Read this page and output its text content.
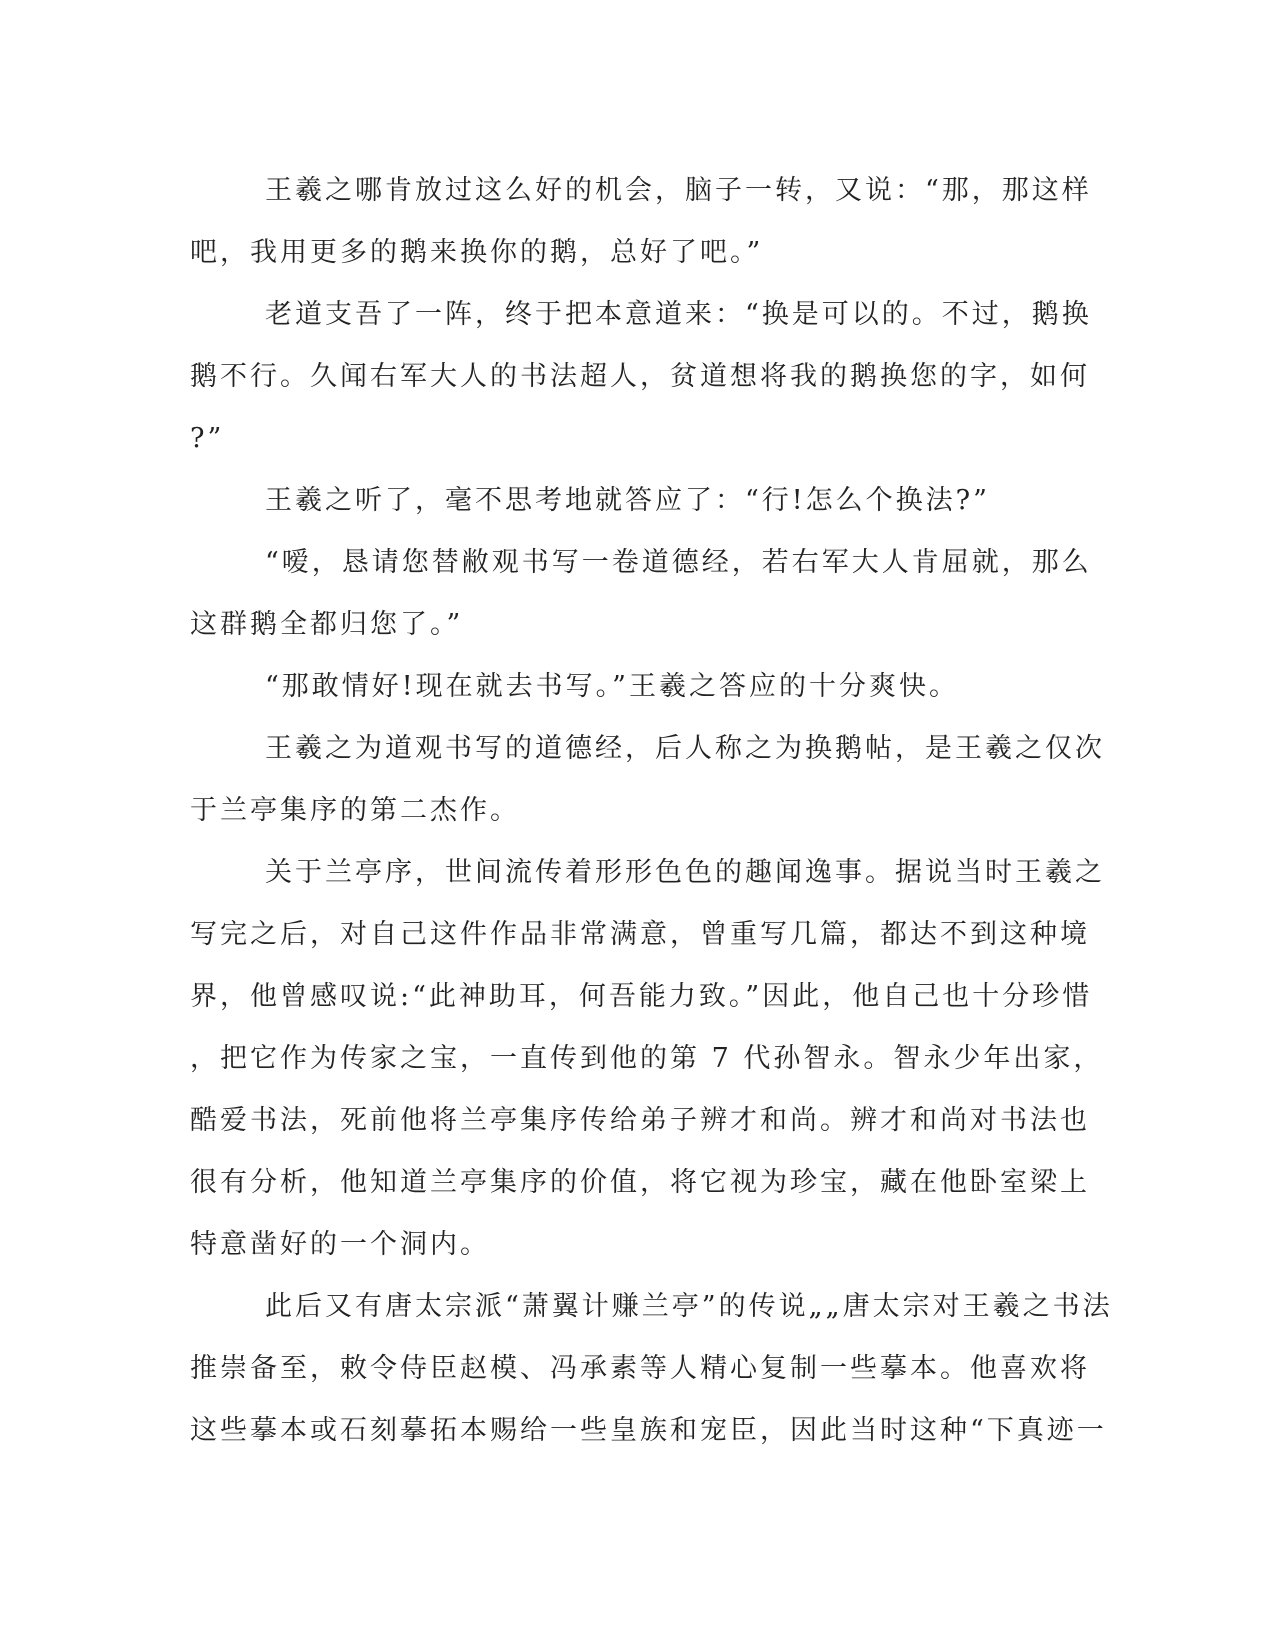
王羲之哪肯放过这么好的机会，脑子一转，又说：“那，那这样
吧，我用更多的鹅来换你的鹅，总好了吧。”

老道支吾了一阵，终于把本意道来：“换是可以的。不过，鹅换
鹅不行。久闻右军大人的书法超人，贫道想将我的鹅换您的字，如何
?”

王羲之听了，毫不思考地就答应了：“行!怎么个换法?”

“嗳，恳请您替敝观书写一卷道德经，若右军大人肯屈就，那么
这群鹅全都归您了。”

“那敢情好!现在就去书写。”王羲之答应的十分爽快。

王羲之为道观书写的道德经，后人称之为换鹅帖，是王羲之仅次
于兰亭集序的第二杰作。

关于兰亭序，世间流传着形形色色的趣闻逸事。据说当时王羲之
写完之后，对自己这件作品非常满意，曾重写几篇，都达不到这种境
界，他曾感叹说:“此神助耳，何吾能力致。”因此，他自己也十分珍惜
，把它作为传家之宝，一直传到他的第 7 代孙智永。智永少年出家，
酷爱书法，死前他将兰亭集序传给弟子辨才和尚。辨才和尚对书法也
很有分析，他知道兰亭集序的价值，将它视为珍宝，藏在他卧室梁上
特意凿好的一个洞内。

此后又有唐太宗派“萧翼计赚兰亭”的传说„„唐太宗对王羲之书法
推崇备至，敕令侍臣赵模、冯承素等人精心复制一些摹本。他喜欢将
这些摹本或石刻摹拓本赐给一些皇族和宠臣，因此当时这种“下真迹一
